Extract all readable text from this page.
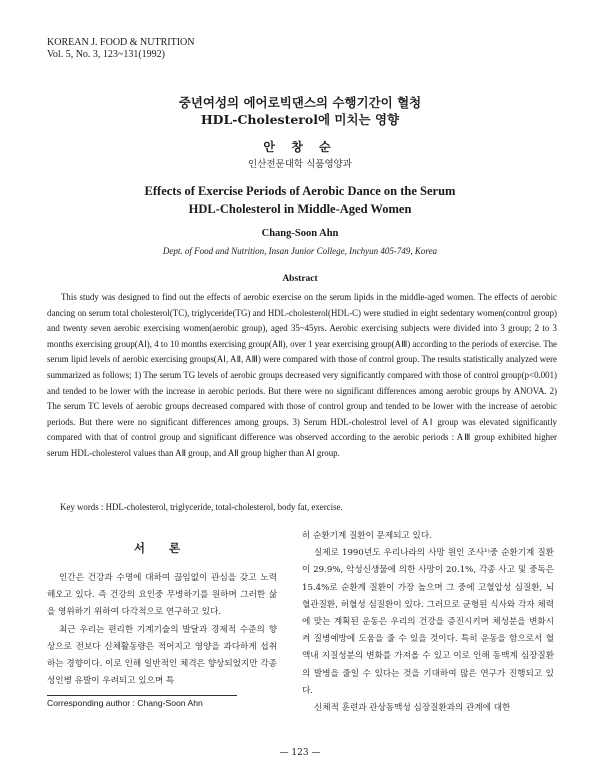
KOREAN J. FOOD & NUTRITION
Vol. 5, No. 3, 123~131(1992)
중년여성의 에어로빅댄스의 수행기간이 혈청
HDL-Cholesterol에 미치는 영향
안 창 순
인산전문대학 식품영양과
Effects of Exercise Periods of Aerobic Dance on the Serum
HDL-Cholesterol in Middle-Aged Women
Chang-Soon Ahn
Dept. of Food and Nutrition, Insan Junior College, Inchyun 405-749, Korea
Abstract

This study was designed to find out the effects of aerobic exercise on the serum lipids in the middle-aged women. The effects of aerobic dancing on serum total cholesterol(TC), triglyceride(TG) and HDL-cholesterol(HDL-C) were studied in eight sedentary women(control group) and twenty seven aerobic exercising women(aerobic group), aged 35~45yrs. Aerobic exercising subjects were divided into 3 group; 2 to 3 months exercising group(AⅠ), 4 to 10 months exercising group(AⅡ), over 1 year exercising group(AⅢ) according to the periods of exercise. The serum lipid levels of aerobic exercising groups(AⅠ, AⅡ, AⅢ) were compared with those of control group. The results statistically analyzed were summarized as follows; 1) The serum TG levels of aerobic groups decreased very significantly compared with those of control group(p<0.001) and tended to be lower with the increase in aerobic periods. But there were no significant differences among aerobic groups by ANOVA. 2) The serum TC levels of aerobic groups decreased compared with those of control group and tended to be lower with the increase of aerobic periods. But there were no significant differences among groups. 3) Serum HDL-cholestrol level of AⅠ group was elevated significantly compared with that of control group and significant difference was observed according to the aerobic periods : AⅢ group exhibited higher serum HDL-cholesterol values than AⅡ group, and AⅡ group higher than AⅠ group.

Key words : HDL-cholesterol, triglyceride, total-cholesterol, body fat, exercise.
서 론

인간은 건강과 수명에 대하여 끊임없이 관심을 갖고 노력해오고 있다. 즉 건강의 요인중 무병하기를 원하며 그러한 삶을 영위하기 위하여 다각적으로 연구하고 있다.

최근 우리는 편리한 기계기술의 발달과 경제적 수준의 향상으로 전보다 신체활동량은 적어지고 영양을 과다하게 섭취하는 경향이다. 이로 인해 일반적인 체격은 향상되었지만 각종 성인병 유발이 우려되고 있으며 특

히 순환기계 질환이 문제되고 있다.

실제로 1990년도 우리나라의 사망 원인 조사¹⁾중 순환기계 질환이 29.9%, 악성신생물에 의한 사망이 20.1%, 각종 사고 및 중독은 15.4%로 순환계 질환이 가장 높으며 그 중에 고혈압성 심질환, 뇌혈관질환, 허혈성 심질환이 있다. 그러므로 균형된 식사와 각자 체력에 맞는 계획된 운동은 우리의 건강을 증진시키며 체성분을 변화시켜 질병예방에 도움을 줄 수 있을 것이다. 특히 운동을 함으로서 혈액내 지질성분의 변화를 가져올 수 있고 이로 인해 동맥계 심장질환의 발병을 줄일 수 있다는 것을 기대하여 많은 연구가 진행되고 있다.

신체적 훈련과 관상동맥성 심장질환과의 관계에 대한

Corresponding author : Chang-Soon Ahn
— 123 —
